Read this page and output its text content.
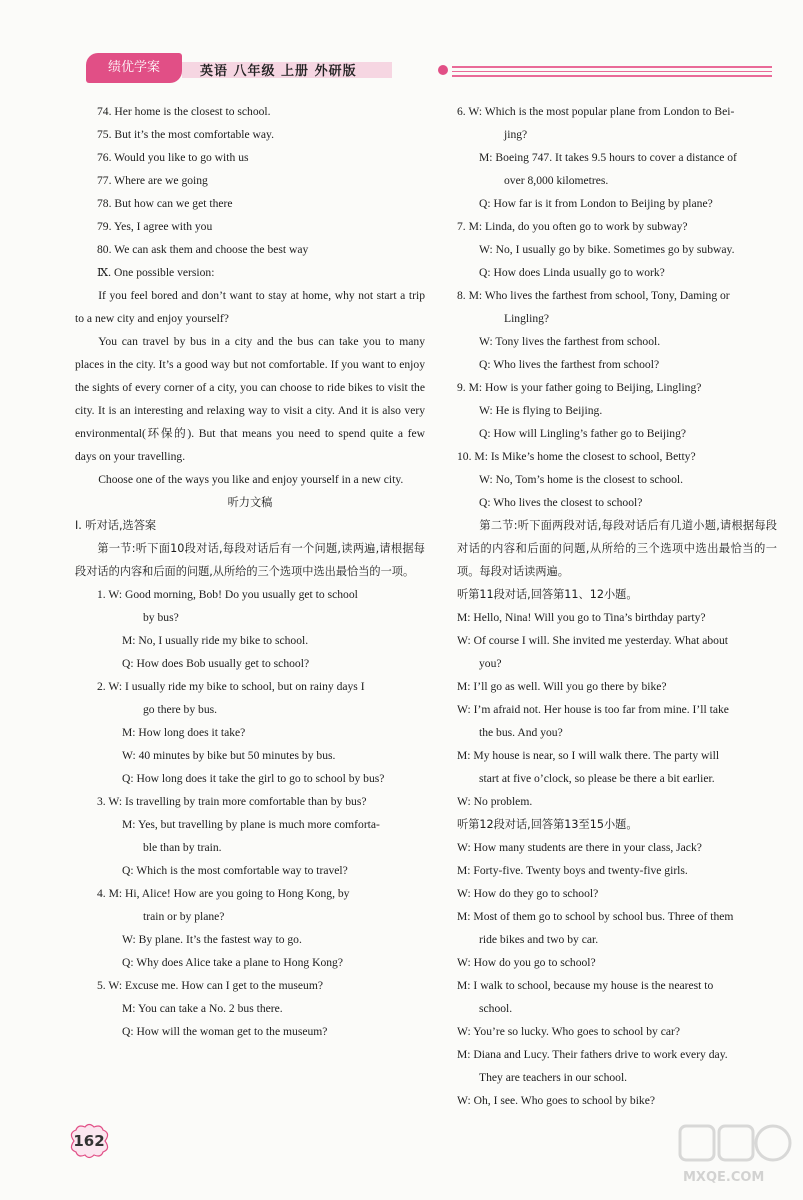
绩优学案	英语 八年级 上册 外研版
74. Her home is the closest to school.
75. But it’s the most comfortable way.
76. Would you like to go with us
77. Where are we going
78. But how can we get there
79. Yes, I agree with you
80. We can ask them and choose the best way
Ⅸ. One possible version:
If you feel bored and don’t want to stay at home, why not start a trip to a new city and enjoy yourself?
You can travel by bus in a city and the bus can take you to many places in the city. It’s a good way but not comfortable. If you want to enjoy the sights of every corner of a city, you can choose to ride bikes to visit the city. It is an interesting and relaxing way to visit a city. And it is also very environmental(环保的). But that means you need to spend quite a few days on your travelling.
Choose one of the ways you like and enjoy yourself in a new city.
听力文稿
Ⅰ. 听对话,选答案
第一节:听下面10段对话,每段对话后有一个问题,读两遍,请根据每段对话的内容和后面的问题,从所给的三个选项中选出最恰当的一项。
1. W: Good morning, Bob! Do you usually get to school
by bus?
M: No, I usually ride my bike to school.
Q: How does Bob usually get to school?
2. W: I usually ride my bike to school, but on rainy days I
go there by bus.
M: How long does it take?
W: 40 minutes by bike but 50 minutes by bus.
Q: How long does it take the girl to go to school by bus?
3. W: Is travelling by train more comfortable than by bus?
M: Yes, but travelling by plane is much more comforta-
ble than by train.
Q: Which is the most comfortable way to travel?
4. M: Hi, Alice! How are you going to Hong Kong, by
train or by plane?
W: By plane. It’s the fastest way to go.
Q: Why does Alice take a plane to Hong Kong?
5. W: Excuse me. How can I get to the museum?
M: You can take a No. 2 bus there.
Q: How will the woman get to the museum?
6. W: Which is the most popular plane from London to Bei-
jing?
M: Boeing 747. It takes 9.5 hours to cover a distance of
over 8,000 kilometres.
Q: How far is it from London to Beijing by plane?
7. M: Linda, do you often go to work by subway?
W: No, I usually go by bike. Sometimes go by subway.
Q: How does Linda usually go to work?
8. M: Who lives the farthest from school, Tony, Daming or
Lingling?
W: Tony lives the farthest from school.
Q: Who lives the farthest from school?
9. M: How is your father going to Beijing, Lingling?
W: He is flying to Beijing.
Q: How will Lingling’s father go to Beijing?
10. M: Is Mike’s home the closest to school, Betty?
W: No, Tom’s home is the closest to school.
Q: Who lives the closest to school?
第二节:听下面两段对话,每段对话后有几道小题,请根据每段对话的内容和后面的问题,从所给的三个选项中选出最恰当的一项。每段对话读两遍。
听第11段对话,回答第11、12小题。
M: Hello, Nina! Will you go to Tina’s birthday party?
W: Of course I will. She invited me yesterday. What about
you?
M: I’ll go as well. Will you go there by bike?
W: I’m afraid not. Her house is too far from mine. I’ll take
the bus. And you?
M: My house is near, so I will walk there. The party will
start at five o’clock, so please be there a bit earlier.
W: No problem.
听第12段对话,回答第13至15小题。
W: How many students are there in your class, Jack?
M: Forty-five. Twenty boys and twenty-five girls.
W: How do they go to school?
M: Most of them go to school by school bus. Three of them
ride bikes and two by car.
W: How do you go to school?
M: I walk to school, because my house is the nearest to
school.
W: You’re so lucky. Who goes to school by car?
M: Diana and Lucy. Their fathers drive to work every day.
They are teachers in our school.
W: Oh, I see. Who goes to school by bike?
162
MXQE.COM
